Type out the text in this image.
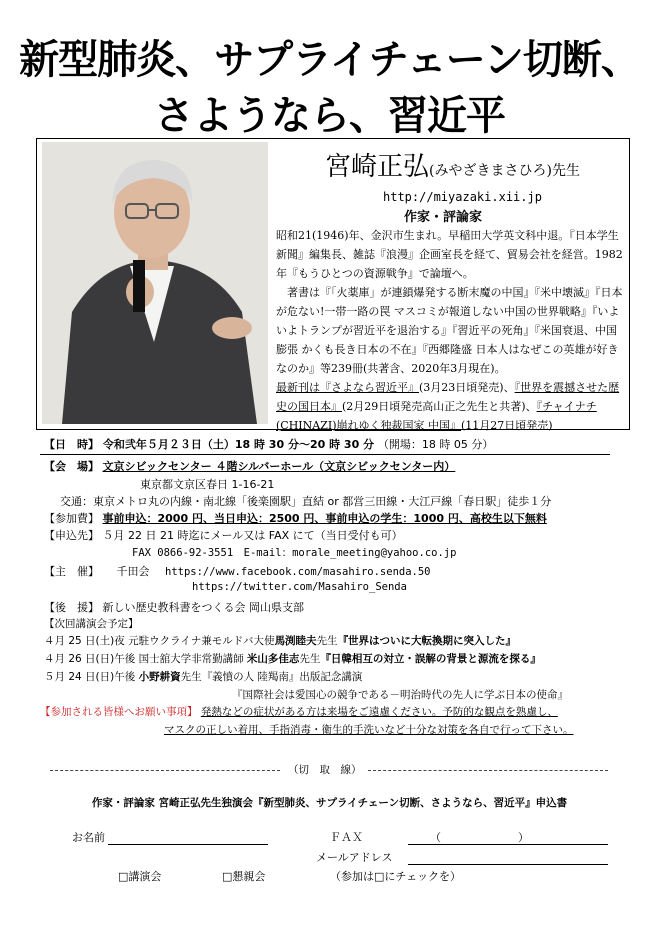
新型肺炎、サプライチェーン切断、
さようなら、習近平
宮崎正弘(みやざきまさひろ)先生
http://miyazaki.xii.jp
作家・評論家

昭和21(1946)年、金沢市生まれ。早稲田大学英文科中退。『日本学生新聞』編集長、雑誌『浪漫』企画室長を経て、貿易会社を経営。1982年『もうひとつの資源戦争』で論壇へ。

著書は『「火薬庫」が連鎖爆発する断末魔の中国』『米中壊滅』『日本が危ない!一帯一路の罠 マスコミが報道しない中国の世界戦略』『いよいよトランプが習近平を退治する』『習近平の死角』『米国衰退、中国膨張 かくも長き日本の不在』『西郷隆盛 日本人はなぜこの英雄が好きなのか』等239冊(共著含、2020年3月現在)。

最新刊は『さよなら習近平』(3月23日頃発売)、『世界を震撼させた歴史の国日本』(2月29日頃発売高山正之先生と共著)、『チャイナチ(CHINAZI)崩れゆく独裁国家 中国』(11月27日頃発売)

【日　時】 令和弐年５月２３日（土）18 時 30 分～20 時 30 分 （開場：18 時 05 分）
【会　場】 文京シビックセンター ４階シルバーホール（文京シビックセンター内）
東京都文京区春日 1-16-21
交通：東京メトロ丸の内線・南北線「後楽園駅」直結 or 都営三田線・大江戸線「春日駅」徒歩１分
【参加費】 事前申込：2000 円、当日申込：2500 円、事前申込の学生：1000 円、高校生以下無料
【申込先】 ５月 22 日 21 時迄にメール又は FAX にて（当日受付も可）
FAX 0866-92-3551　E-mail：morale_meeting@yahoo.co.jp
【主　催】 千田会 https://www.facebook.com/masahiro.senda.50
https://twitter.com/Masahiro_Senda
【後　援】 新しい歴史教科書をつくる会 岡山県支部
【次回講演会予定】
４月 25 日(土)夜 元駐ウクライナ兼モルドバ大使馬渕睦夫先生『世界はついに大転換期に突入した』
４月 26 日(日)午後 国士舘大学非常勤講師 米山多佳志先生『日韓相互の対立・誤解の背景と源流を探る』
５月 24 日(日)午後 小野耕資先生『義憤の人 陸羯南』出版記念講演
『国際社会は愛国心の競争である－明治時代の先人に学ぶ日本の使命』
【参加される皆様へお願い事項】 発熱などの症状がある方は来場をご遠慮ください。予防的な観点を熟慮し、
マスクの正しい着用、手指消毒・衛生的手洗いなど十分な対策を各自で行って下さい。
（切　取　線）
作家・評論家 宮崎正弘先生独演会『新型肺炎、サプライチェーン切断、さようなら、習近平』申込書
お名前	ＦＡＸ	（　　　　　　　）
メールアドレス
□講演会	□懇親会	（参加は□にチェックを）
